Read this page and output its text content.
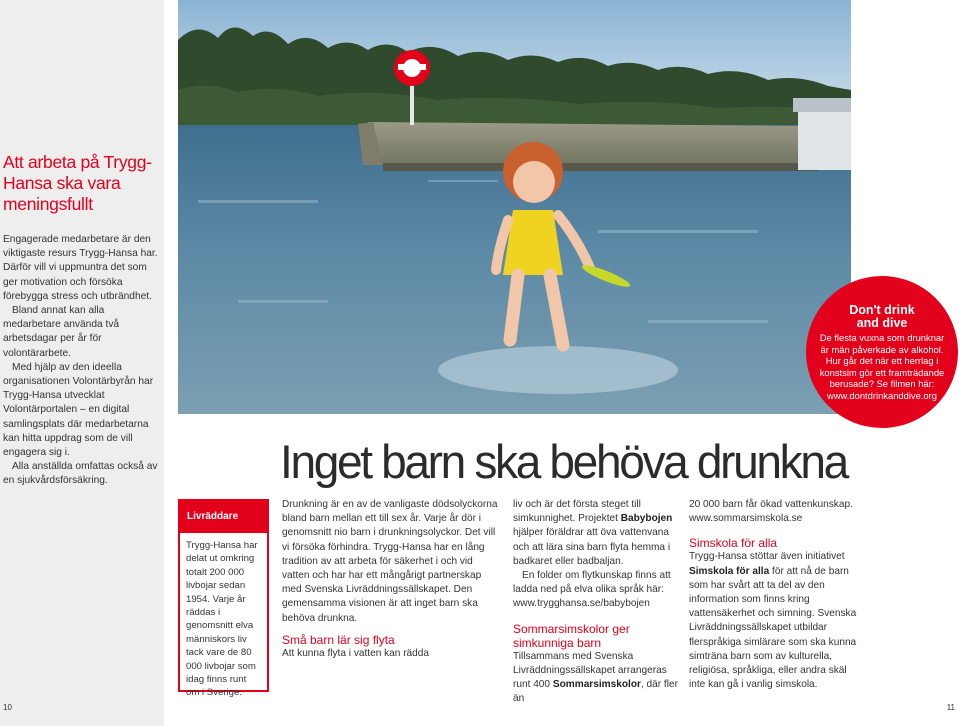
Att arbeta på Trygg-Hansa ska vara meningsfullt

Engagerade medarbetare är den viktigaste resurs Trygg-Hansa har. Därför vill vi uppmuntra det som ger motivation och försöka förebygga stress och utbrändhet.

Bland annat kan alla medarbetare använda två arbetsdagar per år för volontärarbete.

Med hjälp av den ideella organisationen Volontärbyrån har Trygg-Hansa utvecklat Volontärportalen – en digital samlingsplats där medarbetarna kan hitta uppdrag som de vill engagera sig i.

Alla anställda omfattas också av en sjukvårdsförsäkring.

10	11
Don't drink
and dive
De flesta vuxna som drunknar
är män påverkade av alkohol.
Hur går det när ett herrlag i
konstsim gör ett framträdande
berusade? Se filmen här:
www.dontdrinkanddive.org
Inget barn ska behöva drunkna
Livräddare
Trygg-Hansa har delat ut omkring totalt 200 000 livbojar sedan 1954. Varje år räddas i genomsnitt elva människors liv tack vare de 80 000 livbojar som idag finns runt om i Sverige.

Drunkning är en av de vanligaste dödsolyckorna bland barn mellan ett till sex år. Varje år dör i genomsnitt nio barn i drunkningsolyckor. Det vill vi försöka förhindra. Trygg-Hansa har en lång tradition av att arbeta för säkerhet i och vid vatten och har har ett mångårigt partnerskap med Svenska Livräddningssällskapet. Den gemensamma visionen är att inget barn ska behöva drunkna.

Små barn lär sig flyta

Att kunna flyta i vatten kan rädda

liv och är det första steget till simkunnighet. Projektet Babybojen hjälper föräldrar att öva vattenvana och att lära sina barn flyta hemma i badkaret eller badbaljan.

En folder om flytkunskap finns att ladda ned på elva olika språk här: www.trygghansa.se/babybojen

Sommarsimskolor ger simkunniga barn

Tillsammans med Svenska Livräddningssällskapet arrangeras runt 400 Sommarsimskolor, där fler än

20 000 barn får ökad vattenkunskap. www.sommarsimskola.se

Simskola för alla

Trygg-Hansa stöttar även initiativet Simskola för alla för att nå de barn som har svårt att ta del av den information som finns kring vattensäkerhet och simning. Svenska Livräddningssällskapet utbildar flerspråkiga simlärare som ska kunna simträna barn som av kulturella, religiösa, språkliga, eller andra skäl inte kan gå i vanlig simskola.
